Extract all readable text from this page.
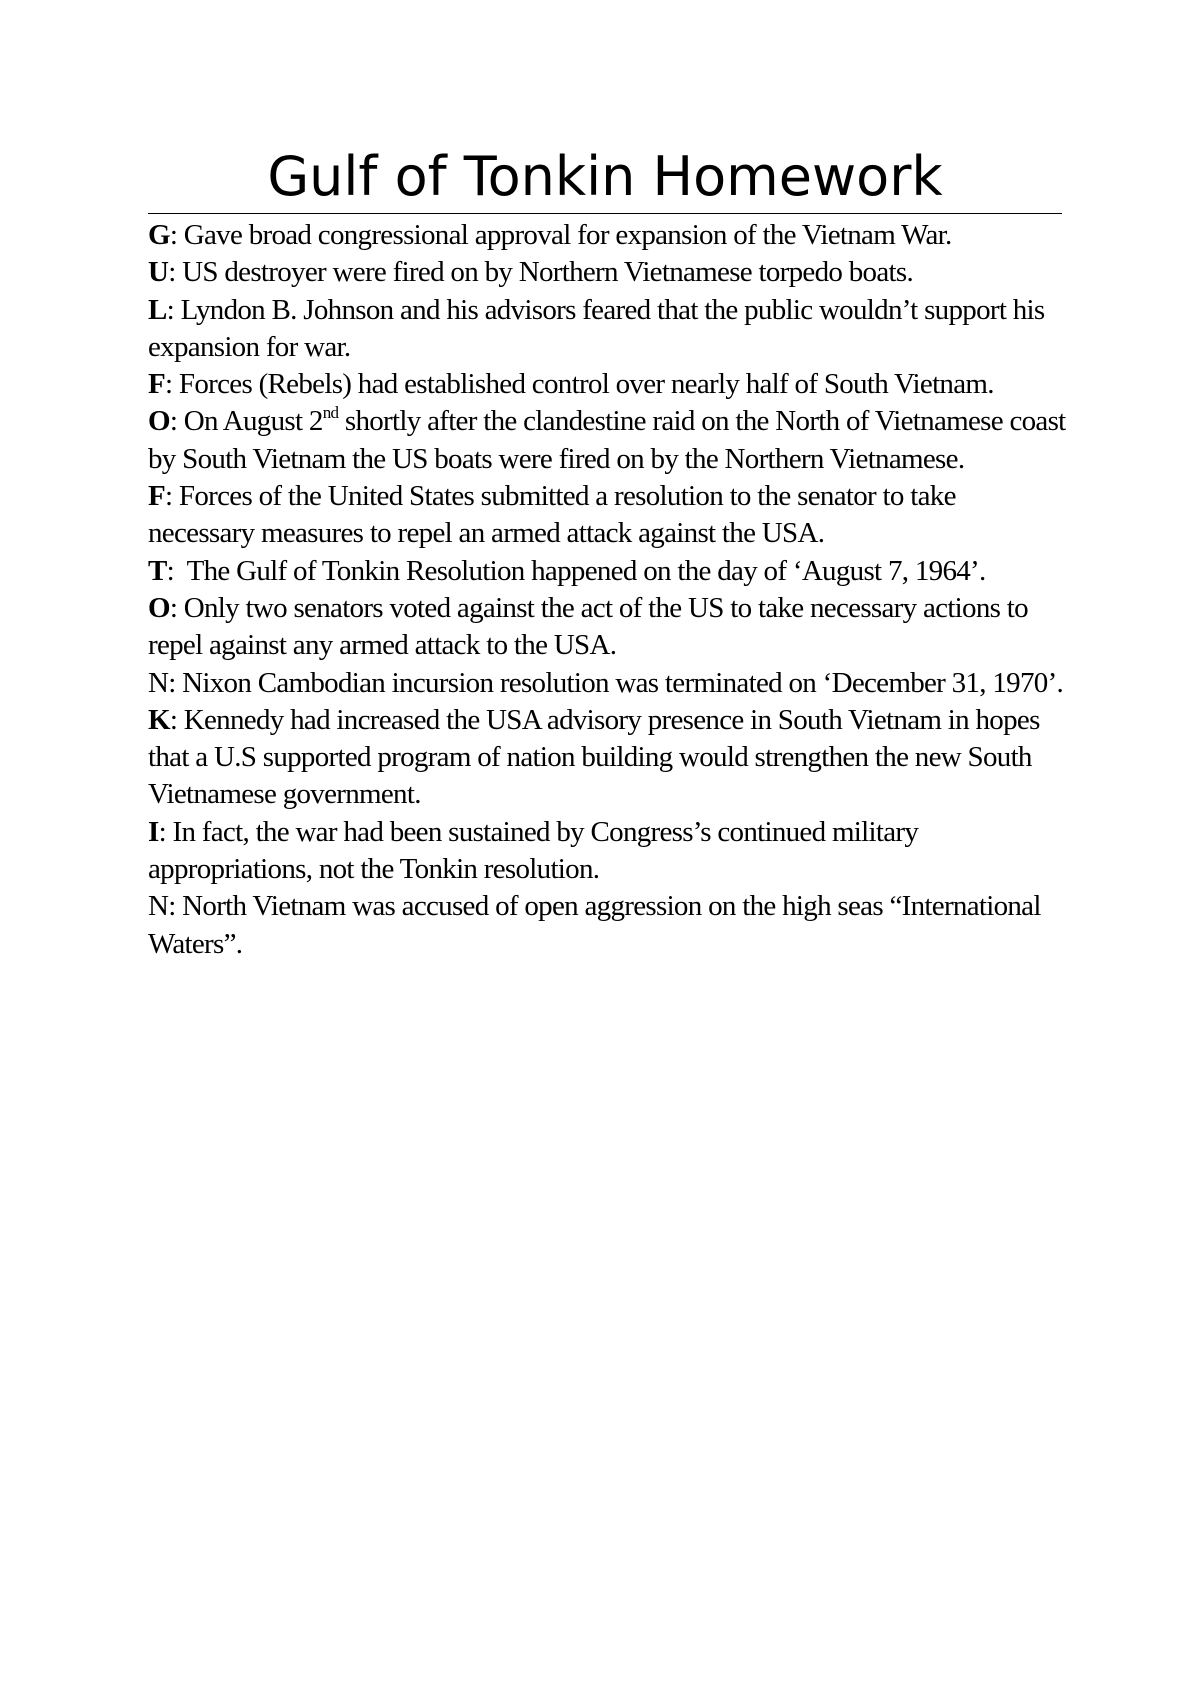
Gulf of Tonkin Homework

G: Gave broad congressional approval for expansion of the Vietnam War.

U: US destroyer were fired on by Northern Vietnamese torpedo boats.

L: Lyndon B. Johnson and his advisors feared that the public wouldn’t support his expansion for war.

F: Forces (Rebels) had established control over nearly half of South Vietnam.

O: On August 2nd shortly after the clandestine raid on the North of Vietnamese coast by South Vietnam the US boats were fired on by the Northern Vietnamese.

F: Forces of the United States submitted a resolution to the senator to take necessary measures to repel an armed attack against the USA.

T:  The Gulf of Tonkin Resolution happened on the day of ‘August 7, 1964’.

O: Only two senators voted against the act of the US to take necessary actions to repel against any armed attack to the USA.

N: Nixon Cambodian incursion resolution was terminated on ‘December 31, 1970’.

K: Kennedy had increased the USA advisory presence in South Vietnam in hopes that a U.S supported program of nation building would strengthen the new South Vietnamese government.

I: In fact, the war had been sustained by Congress’s continued military appropriations, not the Tonkin resolution.

N: North Vietnam was accused of open aggression on the high seas “International Waters”.
